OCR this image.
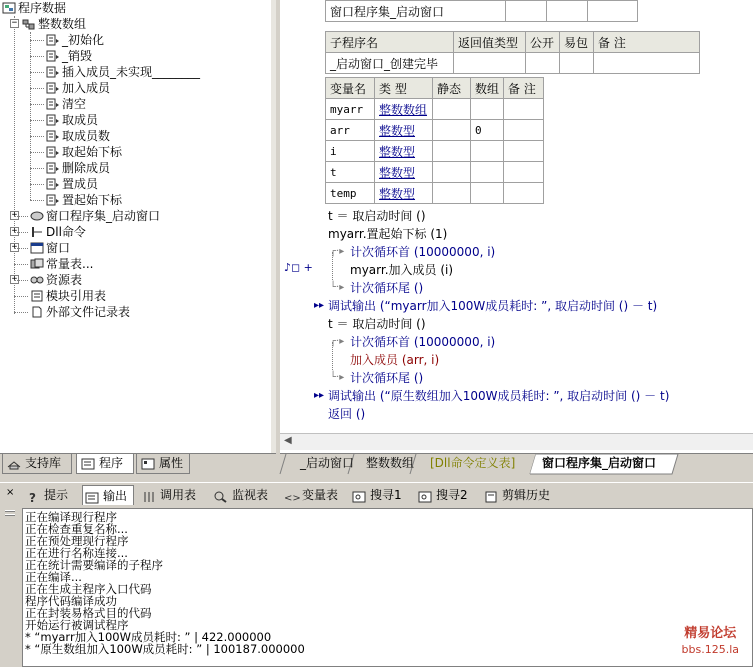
程序数据
−	整数数组
+	窗口程序集_启动窗口
+	Dll命令
+	窗口
常量表...
+	资源表
模块引用表
外部文件记录表
_初始化
_销毁
插入成员_未实现________
加入成员
清空
取成员
取成员数
取起始下标
删除成员
置成员
置起始下标
支持库	程序	属性
♪◻ +
窗口程序集_启动窗口			
子程序名	返回值类型	公开	易包	备 注
_启动窗口_创建完毕				
变量名	类 型	静态	数组	备 注
myarr	整数数组			
arr	整数型		0	
i	整数型			
t	整数型			
temp	整数型			
t ＝ 取启动时间 ()
myarr.置起始下标 (1)
计次循环首 (10000000, i)
┌·▸
myarr.加入成员 (i)
计次循环尾 ()
└·▸
调试输出 (“myarr加入100W成员耗时: ”, 取启动时间 () － t)
▸▸
t ＝ 取启动时间 ()
计次循环首 (10000000, i)
┌·▸
加入成员 (arr, i)
计次循环尾 ()
└·▸
调试输出 (“原生数组加入100W成员耗时: ”, 取启动时间 () － t)
▸▸
返回 ()
◀
_启动窗口 整数数组	[Dll命令定义表]	窗口程序集_启动窗口
× ? 提示	输出	调用表	监视表 <> 变量表	搜寻1	搜寻2	剪辑历史
正在编译现行程序
正在检查重复名称...
正在预处理现行程序
正在进行名称连接...
正在统计需要编译的子程序
正在编译...
正在生成主程序入口代码
程序代码编译成功
正在封装易格式目的代码
开始运行被调试程序
* “myarr加入100W成员耗时: ” | 422.000000
* “原生数组加入100W成员耗时: ” | 100187.000000
精易论坛
bbs.125.la
